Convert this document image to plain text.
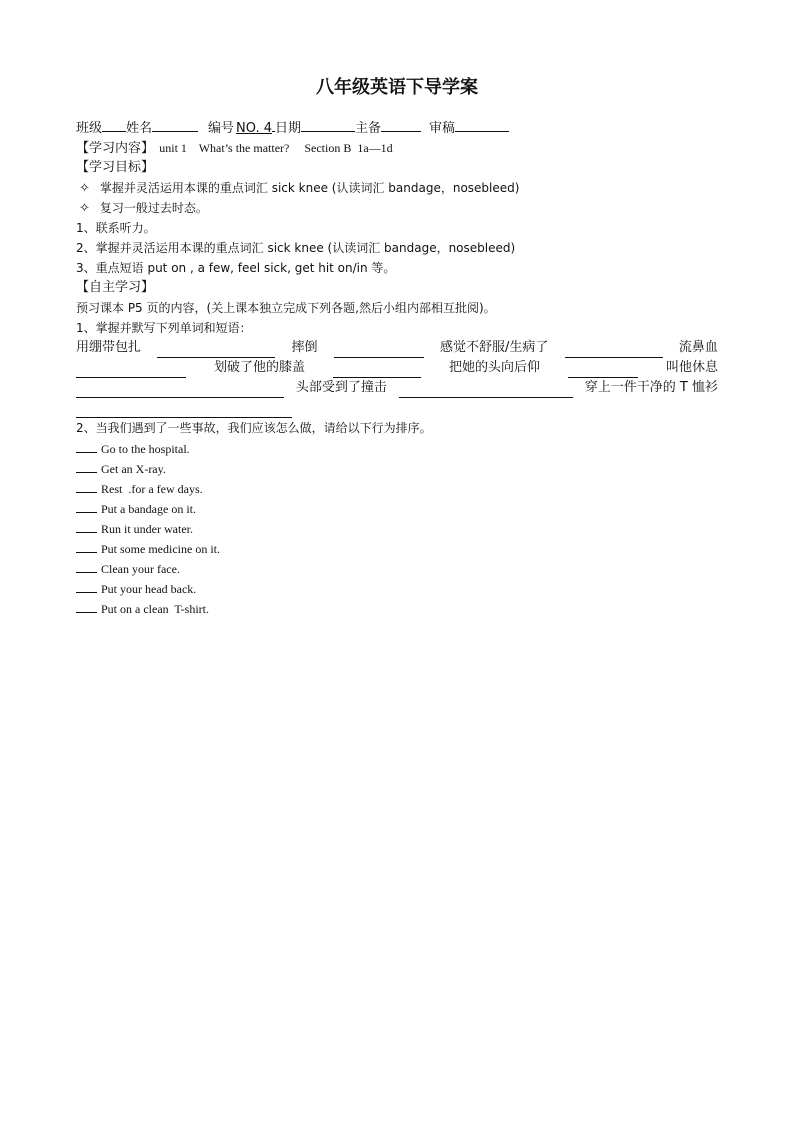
八年级英语下导学案
班级 姓名	编号 NO. 4 日期	主备	审稿
【学习内容】 unit 1    What’s the matter?     Section B  1a—1d
【学习目标】
✧ 掌握并灵活运用本课的重点词汇 sick knee (认读词汇 bandage，nosebleed)
✧ 复习一般过去时态。
1、联系听力。
2、掌握并灵活运用本课的重点词汇 sick knee (认读词汇 bandage，nosebleed)
3、重点短语 put on , a few, feel sick, get hit on/in 等。
【自主学习】
预习课本 P5 页的内容，(关上课本独立完成下列各题,然后小组内部相互批阅)。
1、掌握并默写下列单词和短语：
用绷带包扎	摔倒	感觉不舒服/生病了	流鼻血
划破了他的膝盖	把她的头向后仰	叫他休息
头部受到了撞击	穿上一件干净的 T 恤衫
2、当我们遇到了一些事故，我们应该怎么做，请给以下行为排序。
Go to the hospital.
Get an X-ray.
Rest  .for a few days.
Put a bandage on it.
Run it under water.
Put some medicine on it.
Clean your face.
Put your head back.
Put on a clean  T-shirt.
